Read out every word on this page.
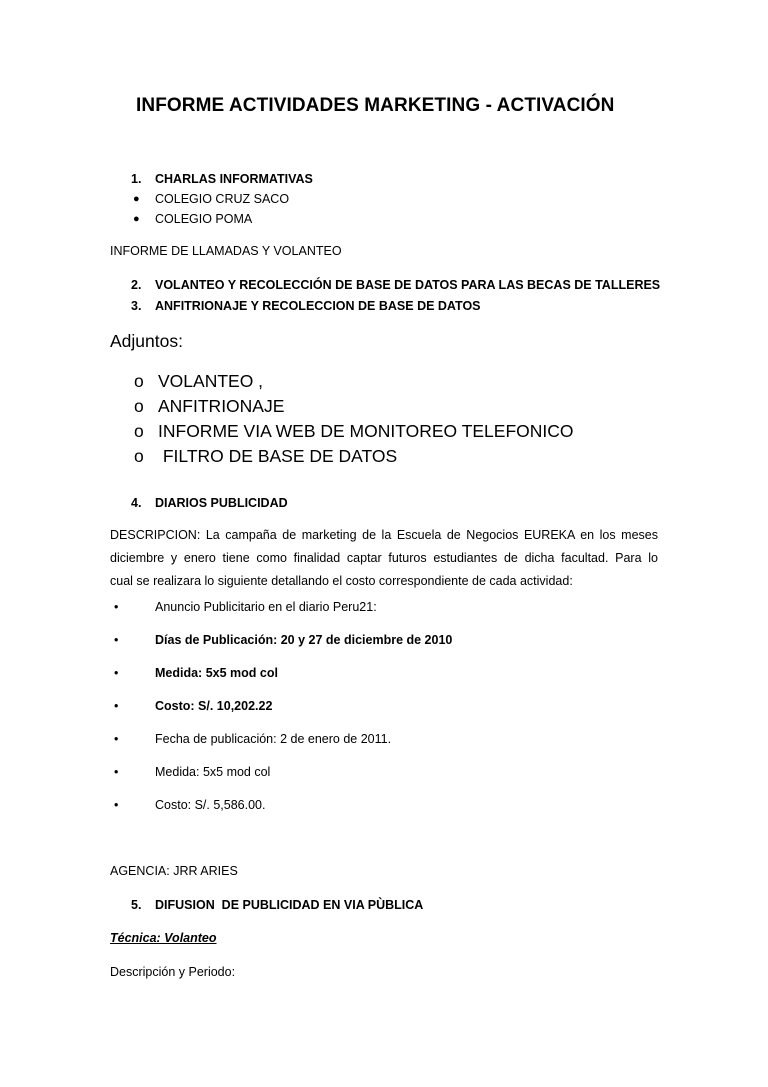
INFORME ACTIVIDADES MARKETING - ACTIVACIÓN
1. CHARLAS INFORMATIVAS
● COLEGIO CRUZ SACO
● COLEGIO POMA
INFORME DE LLAMADAS Y VOLANTEO
2. VOLANTEO Y RECOLECCIÓN DE BASE DE DATOS PARA LAS BECAS DE TALLERES
3. ANFITRIONAJE Y RECOLECCION DE BASE DE DATOS
Adjuntos:
o VOLANTEO ,
o ANFITRIONAJE
o INFORME VIA WEB DE MONITOREO TELEFONICO
o FILTRO DE BASE DE DATOS
4. DIARIOS PUBLICIDAD
DESCRIPCION: La campaña de marketing de la Escuela de Negocios EUREKA en los meses
diciembre y enero tiene como finalidad captar futuros estudiantes de dicha facultad. Para lo
cual se realizara lo siguiente detallando el costo correspondiente de cada actividad:
•	Anuncio Publicitario en el diario Peru21:
•	Días de Publicación: 20 y 27 de diciembre de 2010
•	Medida: 5x5 mod col
•	Costo: S/. 10,202.22
•	Fecha de publicación: 2 de enero de 2011.
•	Medida: 5x5 mod col
•	Costo: S/. 5,586.00.
AGENCIA: JRR ARIES
5. DIFUSION  DE PUBLICIDAD EN VIA PÙBLICA
Técnica: Volanteo
Descripción y Periodo:
